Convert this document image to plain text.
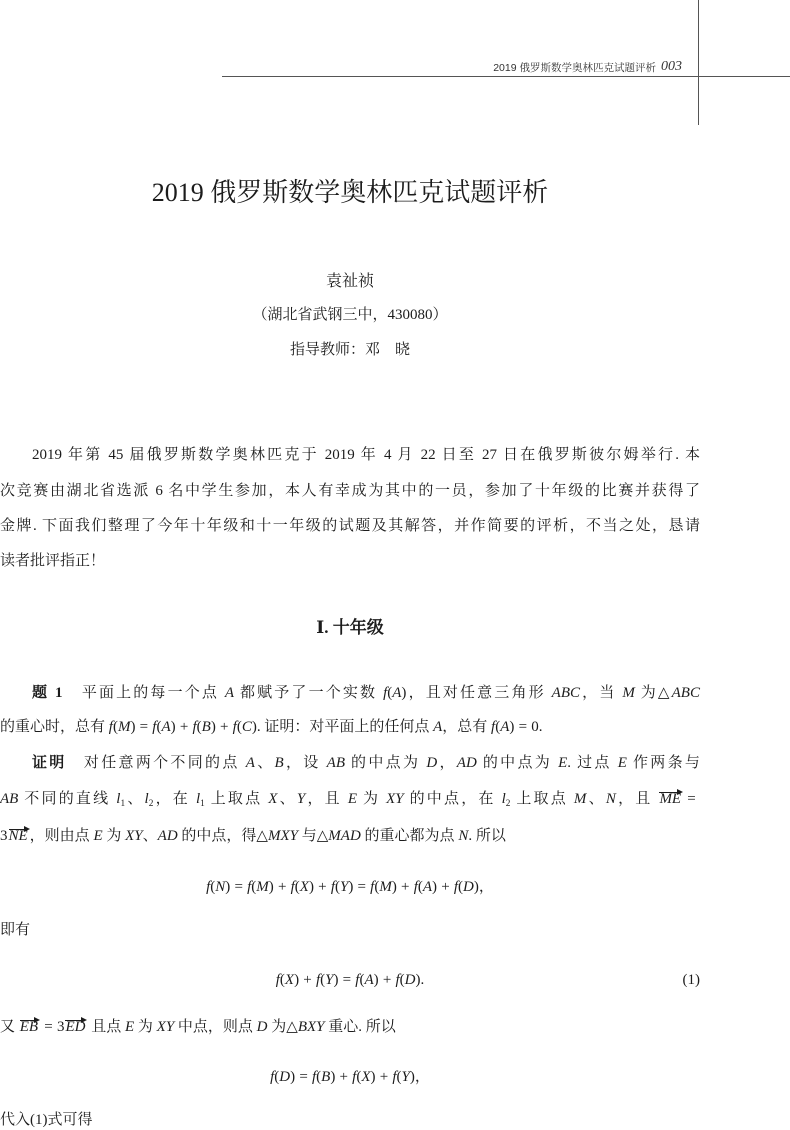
2019 俄罗斯数学奥林匹克试题评析 003
2019 俄罗斯数学奥林匹克试题评析
袁祉祯
（湖北省武钢三中，430080）
指导教师：邓　晓
2019 年第 45 届俄罗斯数学奥林匹克于 2019 年 4 月 22 日至 27 日在俄罗斯彼尔姆举行. 本
次竞赛由湖北省选派 6 名中学生参加，本人有幸成为其中的一员，参加了十年级的比赛并获得了
金牌. 下面我们整理了今年十年级和十一年级的试题及其解答，并作简要的评析，不当之处，恳请
读者批评指正！
Ⅰ. 十年级
题 1　平面上的每一个点 A 都赋予了一个实数 f(A)，且对任意三角形 ABC，当 M 为△ABC
的重心时，总有 f(M) = f(A) + f(B) + f(C). 证明：对平面上的任何点 A，总有 f(A) = 0.
证明　对任意两个不同的点 A、B，设 AB 的中点为 D，AD 的中点为 E. 过点 E 作两条与
AB 不同的直线 $l_1$、$l_2$，在 $l_1$ 上取点 X、Y，且 E 为 XY 的中点，在 $l_2$ 上取点 M、N，且 ME =
3NE ，则由点 E 为 XY、AD 的中点，得△MXY 与△MAD 的重心都为点 N. 所以
f(N) = f(M) + f(X) + f(Y) = f(M) + f(A) + f(D)，
即有
f(X) + f(Y) = f(A) + f(D).	(1)
又 EB = 3ED 且点 E 为 XY 中点，则点 D 为△BXY 重心. 所以
f(D) = f(B) + f(X) + f(Y)，
代入(1)式可得
